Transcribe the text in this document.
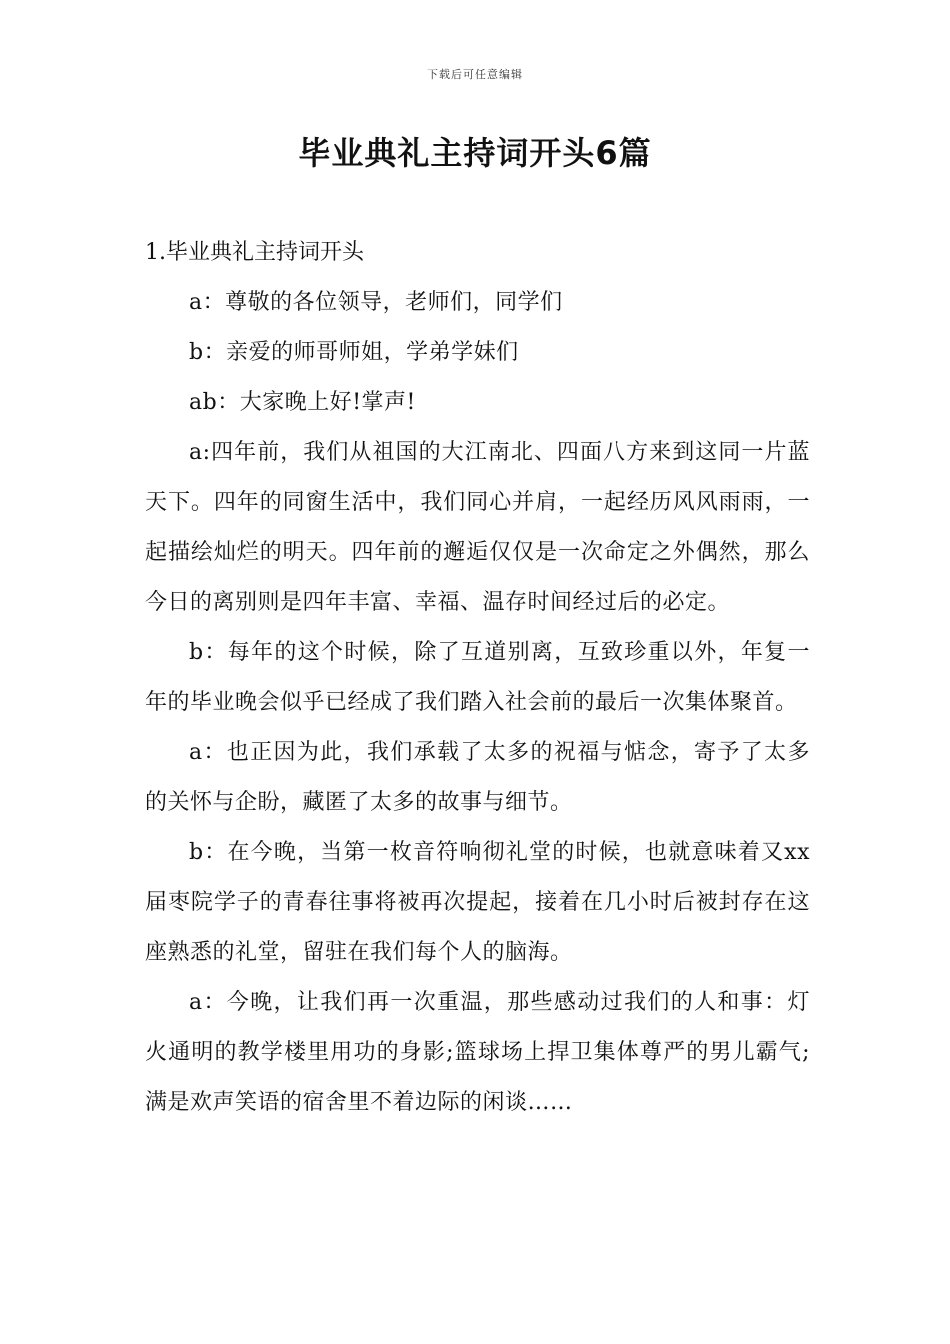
下载后可任意编辑
毕业典礼主持词开头6篇

1.毕业典礼主持词开头

a：尊敬的各位领导，老师们，同学们

b：亲爱的师哥师姐，学弟学妹们

ab：大家晚上好!掌声!

a:四年前，我们从祖国的大江南北、四面八方来到这同一片蓝天下。四年的同窗生活中，我们同心并肩，一起经历风风雨雨，一起描绘灿烂的明天。四年前的邂逅仅仅是一次命定之外偶然，那么今日的离别则是四年丰富、幸福、温存时间经过后的必定。

b：每年的这个时候，除了互道别离，互致珍重以外，年复一年的毕业晚会似乎已经成了我们踏入社会前的最后一次集体聚首。

a：也正因为此，我们承载了太多的祝福与惦念，寄予了太多的关怀与企盼，藏匿了太多的故事与细节。

b：在今晚，当第一枚音符响彻礼堂的时候，也就意味着又xx届枣院学子的青春往事将被再次提起，接着在几小时后被封存在这座熟悉的礼堂，留驻在我们每个人的脑海。

a：今晚，让我们再一次重温，那些感动过我们的人和事：灯火通明的教学楼里用功的身影;篮球场上捍卫集体尊严的男儿霸气;满是欢声笑语的宿舍里不着边际的闲谈……
